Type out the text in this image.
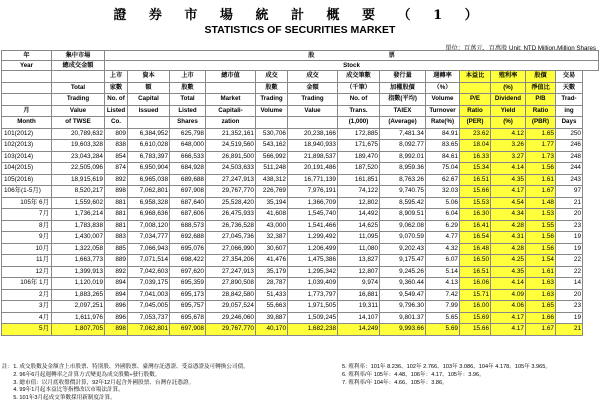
證 券 市 場 統 計 概 要 （ 1 ）
STATISTICS OF SECURITIES MARKET
單位：百萬元，百萬股 Unit: NTD Million,Million Shares
年	集中市場	股　　　　　　　　　　　　票												
Year	總成交金額	Stock												
		上市	資本	上市	總市值	成交	成交	成交筆數	發行量	週轉率	本益比	殖利率	股價	交易
	Total	家數	額	股數		股數	金額	（千筆）	加權股價	（%）		(%)	淨值比	天數
	Trading	No. of	Capital	Total	Market	Trading	Trading	No. of	指數(平均)	Volume	P/E	Dividend	P/B	Trad-
月	Value	Listed	Issued	Listed	Capitali-	Volume	Value	Trans.	TAIEX	Turnover	Ratio	Yield	Ratio	ing
Month	of TWSE	Co.		Shares	zation			(1,000)	(Average)	Rate(%)	(PER)	(%)	(PBR)	Days
101(2012)	20,789,632	809	6,384,952	625,798	21,352,161	530,706	20,238,166	172,885	7,481.34	84.91	23.62	4.12	1.65	250
102(2013)	19,603,328	838	6,610,028	648,000	24,519,560	543,162	18,940,933	171,675	8,092.77	83.65	18.04	3.26	1.77	246
103(2014)	23,043,284	854	6,783,397	666,533	26,891,500	566,992	21,898,537	189,470	8,992.01	84.61	16.33	3.27	1.73	248
104(2015)	22,505,096	874	6,950,904	684,928	24,503,633	511,248	20,191,486	187,520	8,959.36	75.04	15.34	4.14	1.56	244
105(2016)	18,915,619	892	6,965,038	689,688	27,247,913	438,312	16,771,139	161,851	8,763.26	62.67	16.51	4.35	1.61	243
106年(1-5月)	8,520,217	898	7,062,801	697,908	29,767,770	226,769	7,976,191	74,122	9,740.75	32.03	15.66	4.17	1.67	97
105年 6月	1,559,602	881	6,958,328	687,640	25,528,420	35,194	1,366,709	12,802	8,595.42	5.06	15.53	4.54	1.48	21
7月	1,736,214	881	6,968,636	687,606	26,475,933	41,608	1,545,740	14,492	8,909.51	6.04	16.30	4.34	1.53	20
8月	1,783,838	881	7,008,120	688,573	26,736,528	43,000	1,541,466	14,625	9,062.08	6.29	16.41	4.28	1.55	23
9月	1,430,007	883	7,034,777	692,688	27,045,736	32,387	1,299,492	11,095	9,070.59	4.77	16.54	4.31	1.56	19
10月	1,322,058	885	7,066,943	695,076	27,066,990	30,607	1,206,499	11,080	9,202.43	4.32	16.48	4.28	1.56	19
11月	1,663,773	889	7,071,514	698,422	27,354,206	41,476	1,475,386	13,827	9,175.47	6.07	16.50	4.25	1.54	22
12月	1,399,913	892	7,042,603	697,620	27,247,913	35,179	1,295,342	12,807	9,245.26	5.14	16.51	4.35	1.61	22
106年 1月	1,120,019	894	7,039,175	695,359	27,890,508	28,787	1,039,409	9,974	9,360.44	4.13	16.06	4.14	1.63	14
2月	1,883,265	894	7,041,003	695,173	28,842,580	51,433	1,773,797	16,881	9,549.47	7.42	15.71	4.09	1.63	20
3月	2,097,251	896	7,045,005	695,757	29,057,524	55,663	1,971,505	19,311	9,796.30	7.99	16.00	4.06	1.65	23
4月	1,611,976	896	7,053,737	695,678	29,246,060	39,887	1,509,245	14,107	9,801.37	5.65	15.69	4.17	1.66	19
5月	1,807,705	898	7,062,801	697,908	29,767,770	40,170	1,682,238	14,249	9,993.66	5.69	15.66	4.17	1.67	21
註：1. 成交股數及金額含上市股票、特別股、外國股票、臺灣存託憑證、受益憑證及可轉換公司債。
　　2. 96年6月起週轉率之計算方式變更為成交股數÷發行股數。
　　3. 總市值：以月底收盤價計算，92年12月起含外國股票、台灣存託憑證。
　　4. 99年1月起本益比等指標改以市場法計算。
　　5. 101年3月起成交筆數採用新制度計算。
5. 殖利率：101年 8.236、102年 2.766、103年 3.086、104年 4.178、105年 3.965。
6. 殖利率/年 105年：4.48、106年：4.17、105年：3.96。
7. 殖利率/年 104年：4.66、105年：3.86。
